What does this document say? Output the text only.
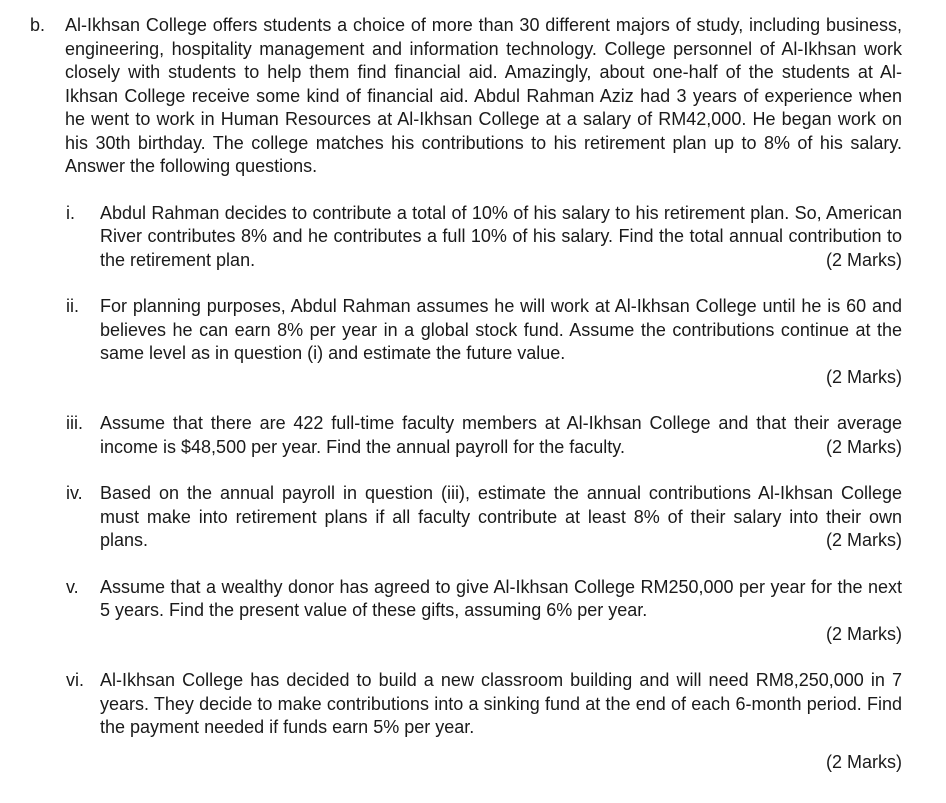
b.	Al-Ikhsan College offers students a choice of more than 30 different majors of study, including business, engineering, hospitality management and information technology. College personnel of Al-Ikhsan work closely with students to help them find financial aid. Amazingly, about one-half of the students at Al-Ikhsan College receive some kind of financial aid. Abdul Rahman Aziz had 3 years of experience when he went to work in Human Resources at Al-Ikhsan College at a salary of RM42,000. He began work on his 30th birthday. The college matches his contributions to his retirement plan up to 8% of his salary. Answer the following questions.
i.	Abdul Rahman decides to contribute a total of 10% of his salary to his retirement plan. So, American River contributes 8% and he contributes a full 10% of his salary. Find the total annual contribution to the retirement plan.	(2 Marks)
ii.	For planning purposes, Abdul Rahman assumes he will work at Al-Ikhsan College until he is 60 and believes he can earn 8% per year in a global stock fund. Assume the contributions continue at the same level as in question (i) and estimate the future value.
(2 Marks)
iii. Assume that there are 422 full-time faculty members at Al-Ikhsan College and that their average income is $48,500 per year. Find the annual payroll for the faculty.	(2 Marks)
iv. Based on the annual payroll in question (iii), estimate the annual contributions Al-Ikhsan College must make into retirement plans if all faculty contribute at least 8% of their salary into their own plans.	(2 Marks)
v.	Assume that a wealthy donor has agreed to give Al-Ikhsan College RM250,000 per year for the next 5 years. Find the present value of these gifts, assuming 6% per year.
(2 Marks)
vi. Al-Ikhsan College has decided to build a new classroom building and will need RM8,250,000 in 7 years. They decide to make contributions into a sinking fund at the end of each 6-month period. Find the payment needed if funds earn 5% per year.
(2 Marks)
